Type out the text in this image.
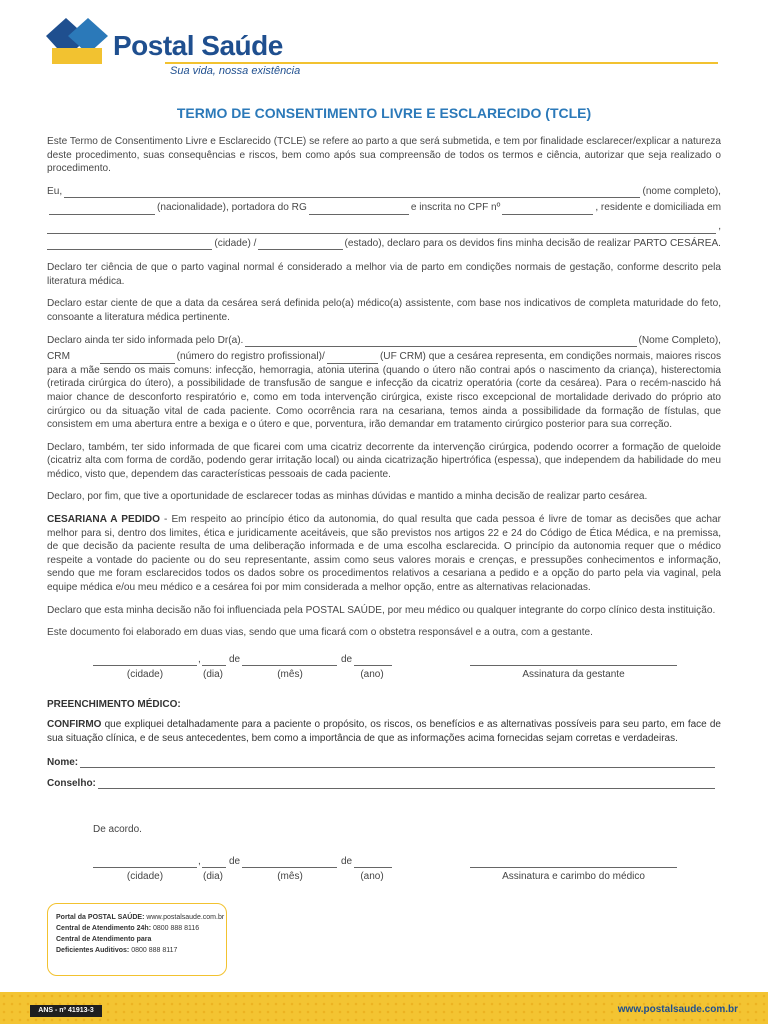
Postal Saúde
Sua vida, nossa existência
TERMO DE CONSENTIMENTO LIVRE E ESCLARECIDO (TCLE)

Este Termo de Consentimento Livre e Esclarecido (TCLE) se refere ao parto a que será submetida, e tem por finalidade esclarecer/explicar a natureza deste procedimento, suas consequências e riscos, bem como após sua compreensão de todos os termos e ciência, autorizar que seja realizado o procedimento.

Eu,	(nome completo),
(nacionalidade), portadora do RG	e inscrita no CPF nº	, residente e domiciliada em
,
(cidade) /	(estado), declaro para os devidos fins minha decisão de realizar PARTO CESÁREA.

Declaro ter ciência de que o parto vaginal normal é considerado a melhor via de parto em condições normais de gestação, conforme descrito pela literatura médica.

Declaro estar ciente de que a data da cesárea será definida pelo(a) médico(a) assistente, com base nos indicativos de completa maturidade do feto, consoante a literatura médica pertinente.

Declaro ainda ter sido informada pelo Dr(a).	(Nome Completo),
CRM	(número do registro profissional)/	(UF CRM) que a cesárea representa, em condições normais, maiores riscos

para a mãe sendo os mais comuns: infecção, hemorragia, atonia uterina (quando o útero não contrai após o nascimento da criança), histerectomia (retirada cirúrgica do útero), a possibilidade de transfusão de sangue e infecção da cicatriz operatória (corte da cesárea). Para o recém-nascido há maior chance de desconforto respiratório e, como em toda intervenção cirúrgica, existe risco excepcional de mortalidade derivado do próprio ato cirúrgico ou da situação vital de cada paciente. Como ocorrência rara na cesariana, temos ainda a possibilidade da formação de fístulas, que consistem em uma abertura entre a bexiga e o útero e que, porventura, irão demandar em tratamento cirúrgico posterior para sua correção.

Declaro, também, ter sido informada de que ficarei com uma cicatriz decorrente da intervenção cirúrgica, podendo ocorrer a formação de queloide (cicatriz alta com forma de cordão, podendo gerar irritação local) ou ainda cicatrização hipertrófica (espessa), que independem da habilidade do meu médico, visto que, dependem das características pessoais de cada paciente.

Declaro, por fim, que tive a oportunidade de esclarecer todas as minhas dúvidas e mantido a minha decisão de realizar parto cesárea.

CESARIANA A PEDIDO - Em respeito ao princípio ético da autonomia, do qual resulta que cada pessoa é livre de tomar as decisões que achar melhor para si, dentro dos limites, ética e juridicamente aceitáveis, que são previstos nos artigos 22 e 24 do Código de Ética Médica, e na premissa, de que decisão da paciente resulta de uma deliberação informada e de uma escolha esclarecida. O princípio da autonomia requer que o médico respeite a vontade do paciente ou do seu representante, assim como seus valores morais e crenças, e pressupões conhecimentos e informação, sendo que me foram esclarecidos todos os dados sobre os procedimentos relativos a cesariana a pedido e a opção do parto pela via vaginal, pela equipe médica e/ou meu médico e a cesárea foi por mim considerada a melhor opção, entre as alternativas relacionadas.

Declaro que esta minha decisão não foi influenciada pela POSTAL SAÚDE, por meu médico ou qualquer integrante do corpo clínico desta instituição.

Este documento foi elaborado em duas vias, sendo que uma ficará com o obstetra responsável e a outra, com a gestante.

,	de	de
(cidade)	(dia)	(mês)	(ano)	Assinatura da gestante
PREENCHIMENTO MÉDICO:
CONFIRMO que expliquei detalhadamente para a paciente o propósito, os riscos, os benefícios e as alternativas possíveis para seu parto, em face de sua situação clínica, e de seus antecedentes, bem como a importância de que as informações acima fornecidas sejam corretas e verdadeiras.
Nome:
Conselho:
De acordo.
,	de	de
(cidade)	(dia)	(mês)	(ano)	Assinatura e carimbo do médico
Portal da POSTAL SAÚDE: www.postalsaude.com.br
Central de Atendimento 24h: 0800 888 8116
Central de Atendimento para
Deficientes Auditivos: 0800 888 8117
ANS - nº 41913-3	www.postalsaude.com.br
